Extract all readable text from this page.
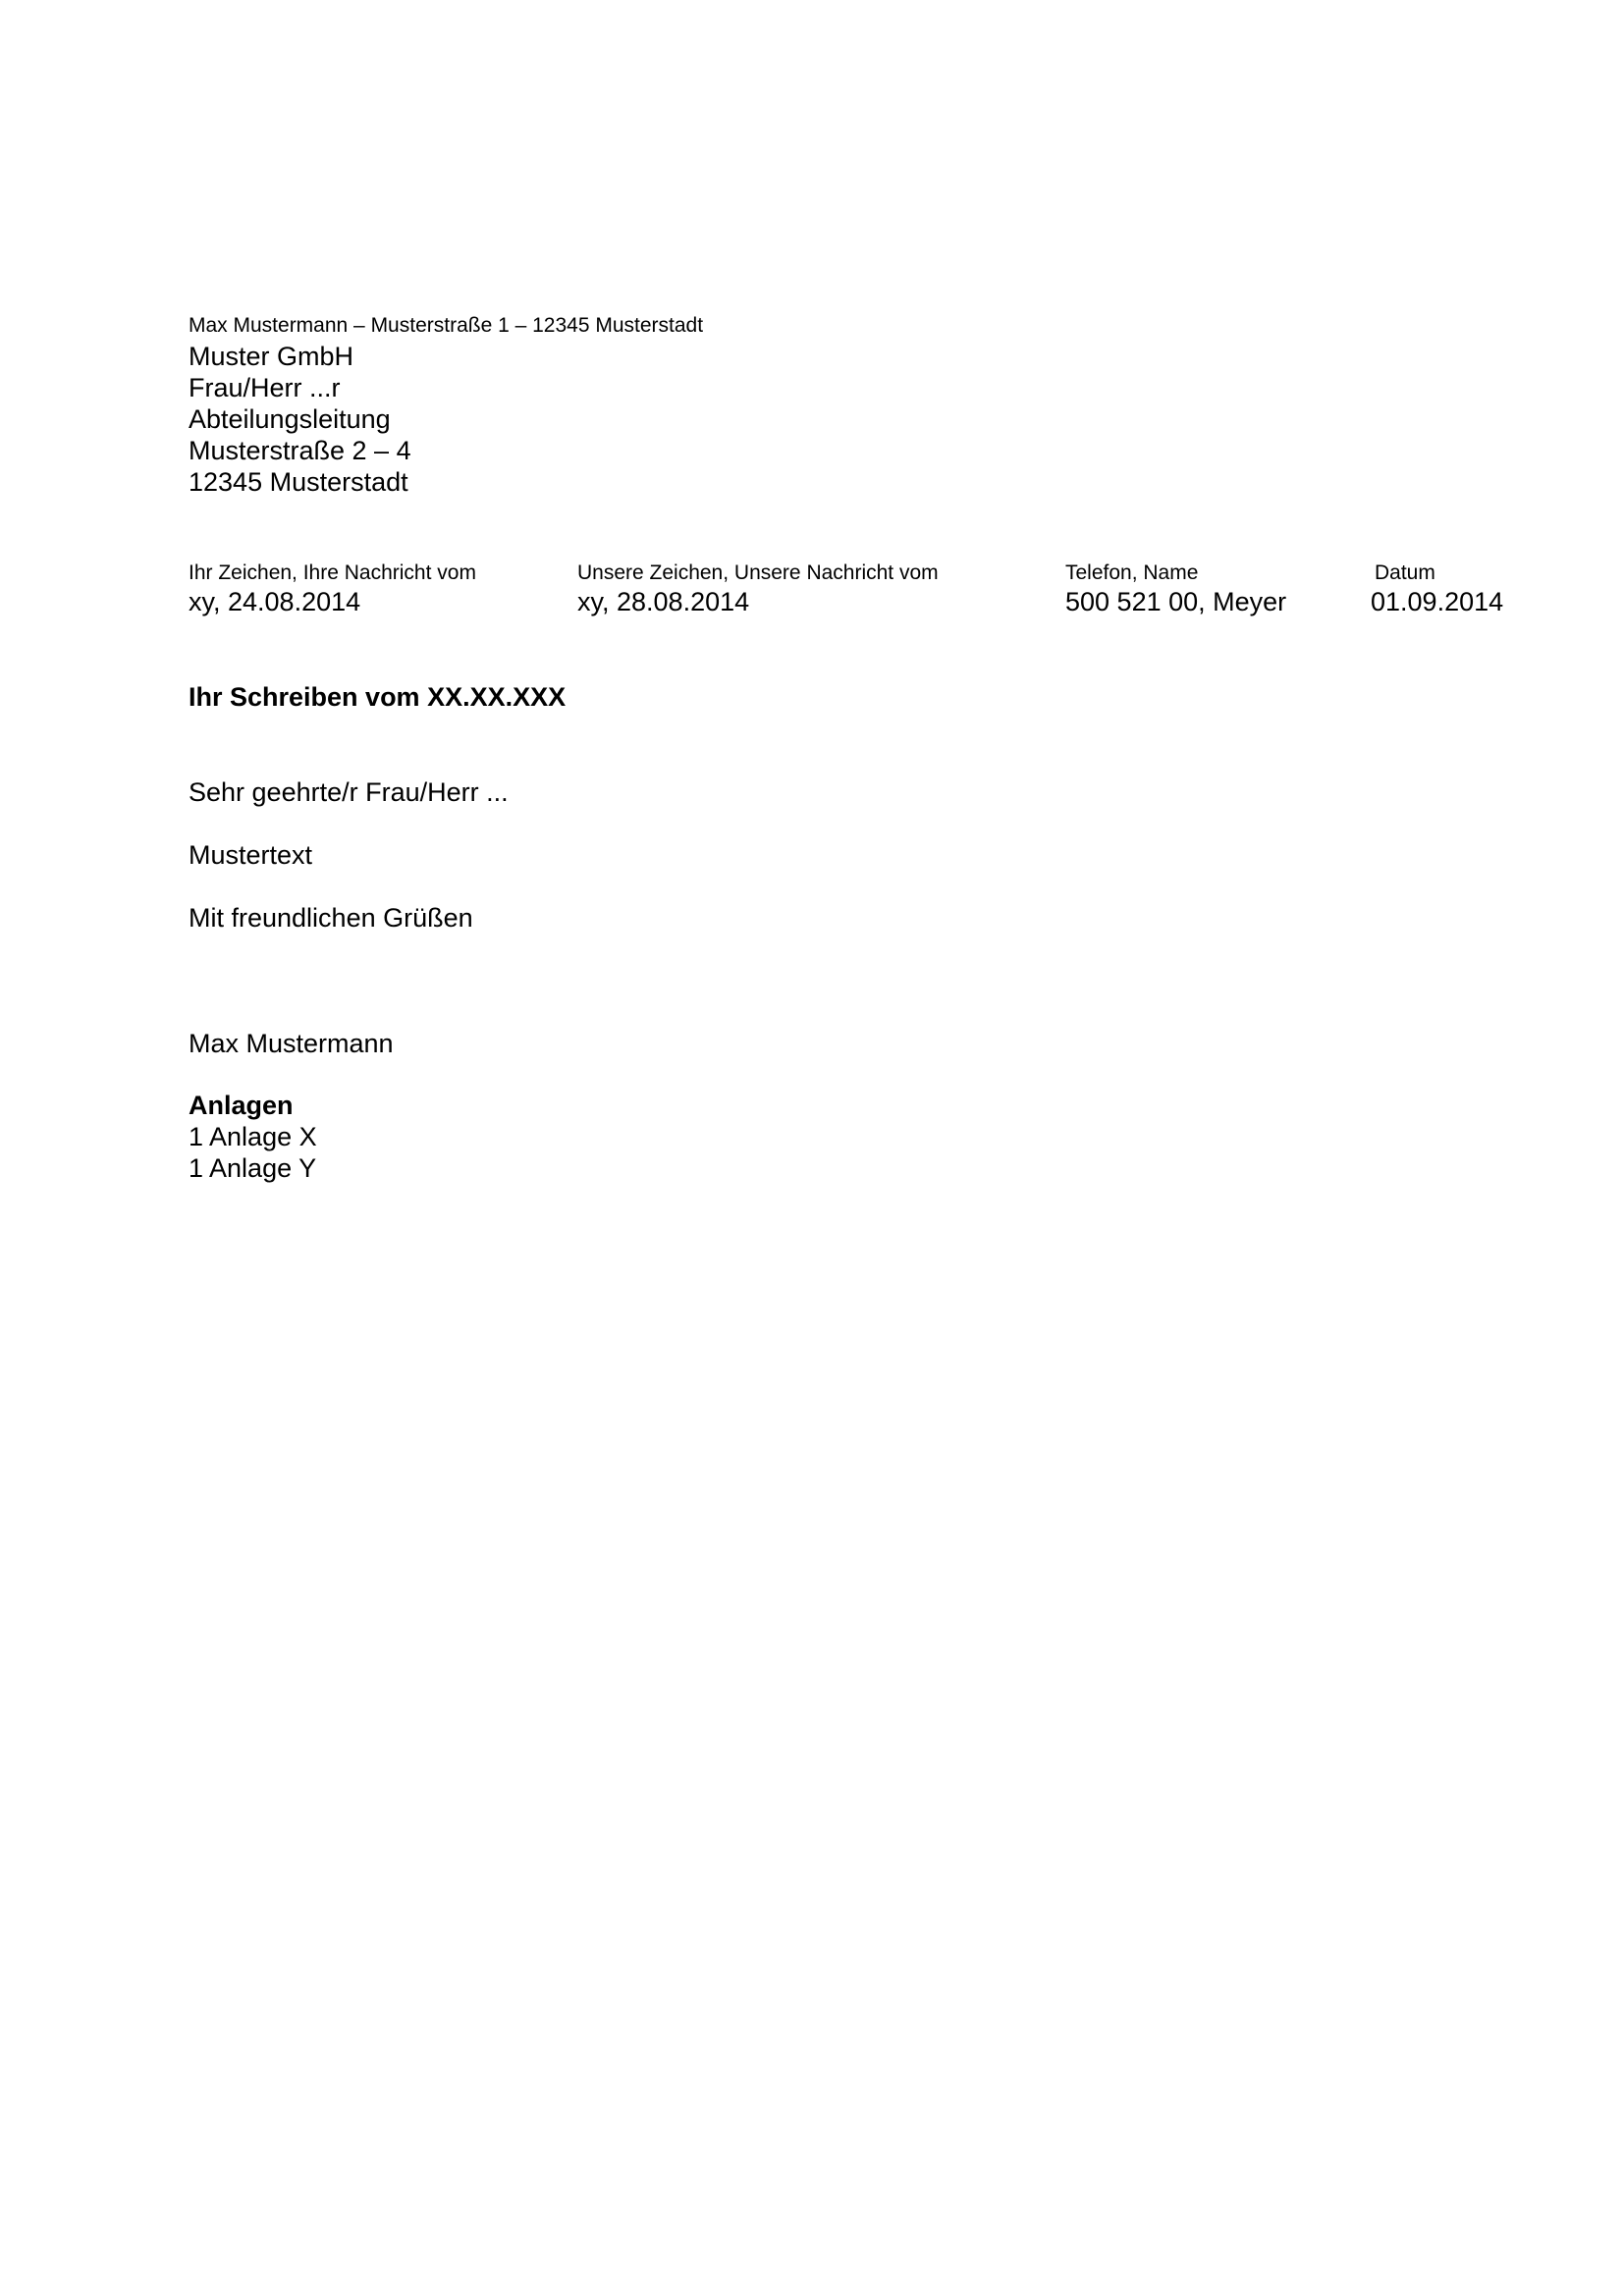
Max Mustermann – Musterstraße 1 – 12345 Musterstadt
Muster GmbH
Frau/Herr ...r
Abteilungsleitung
Musterstraße 2 – 4
12345 Musterstadt
Ihr Zeichen, Ihre Nachricht vom	Unsere Zeichen, Unsere Nachricht vom	Telefon, Name	Datum
xy, 24.08.2014	xy, 28.08.2014	500 521 00, Meyer	01.09.2014
Ihr Schreiben vom XX.XX.XXX
Sehr geehrte/r Frau/Herr ...
Mustertext
Mit freundlichen Grüßen
Max Mustermann
Anlagen
1 Anlage X
1 Anlage Y
